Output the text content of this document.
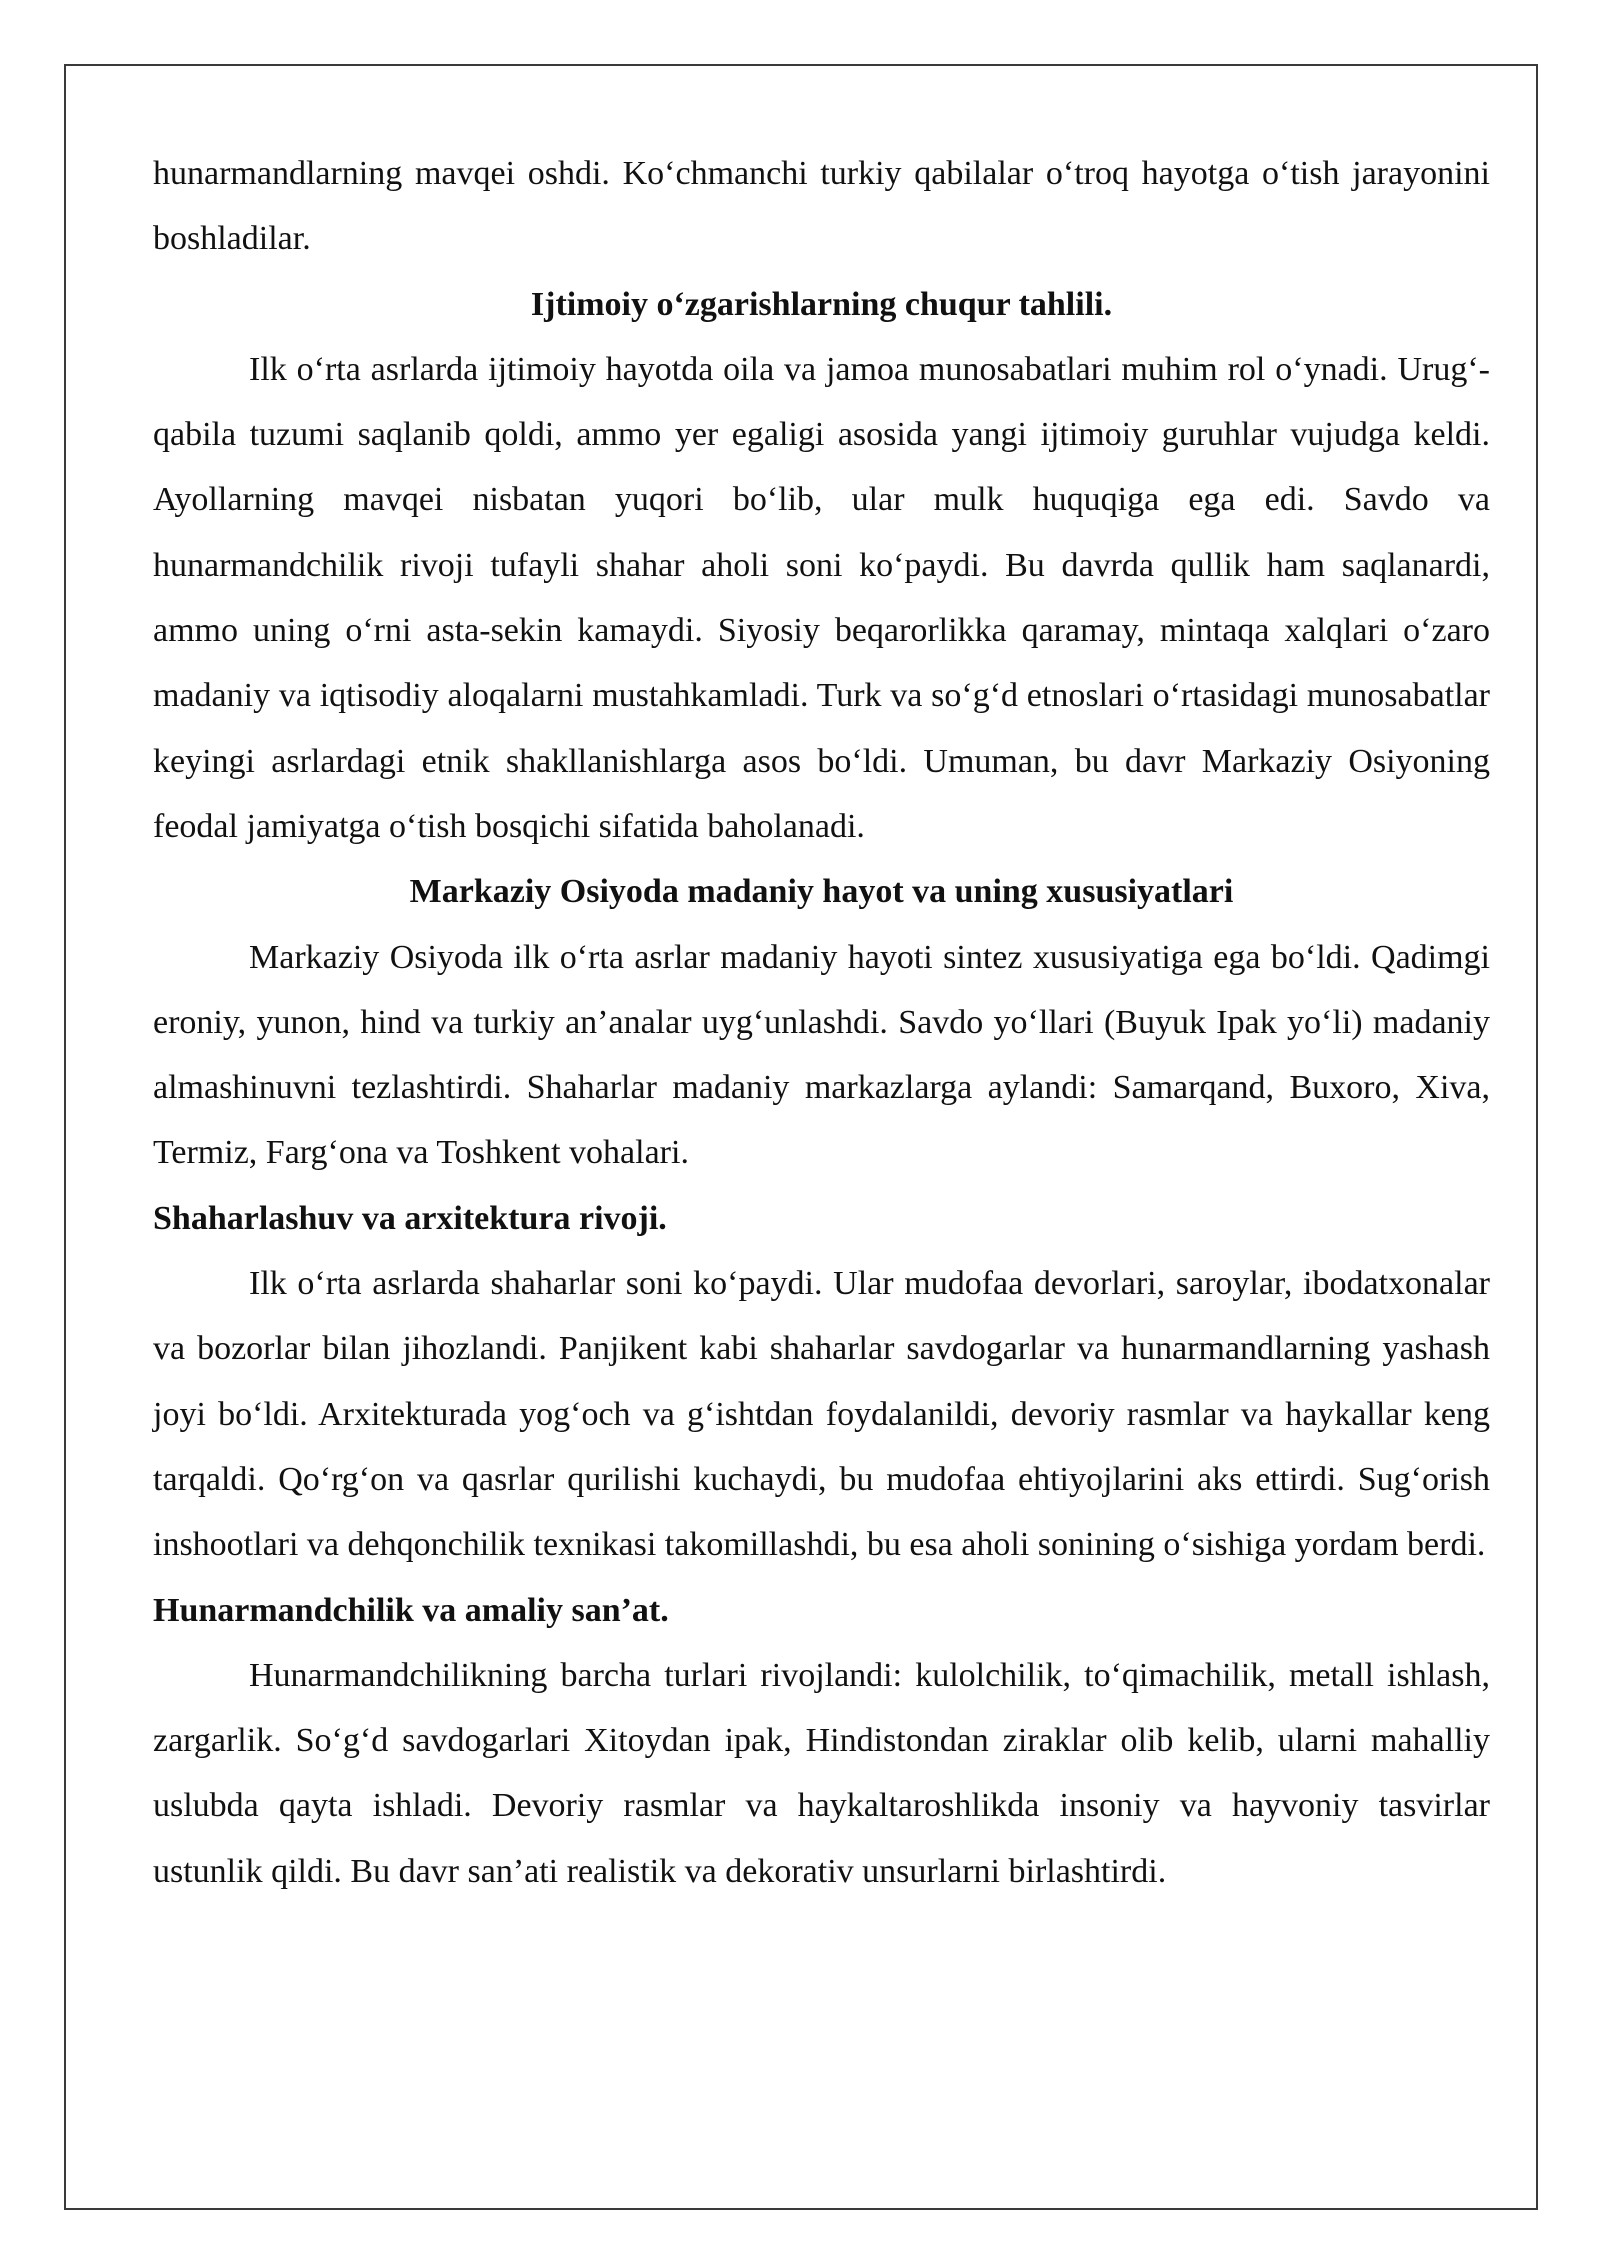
hunarmandlarning mavqei oshdi. Ko‘chmanchi turkiy qabilalar o‘troq hayotga o‘tish jarayonini boshladilar.

Ijtimoiy o‘zgarishlarning chuqur tahlili.

Ilk o‘rta asrlarda ijtimoiy hayotda oila va jamoa munosabatlari muhim rol o‘ynadi. Urug‘-qabila tuzumi saqlanib qoldi, ammo yer egaligi asosida yangi ijtimoiy guruhlar vujudga keldi. Ayollarning mavqei nisbatan yuqori bo‘lib, ular mulk huquqiga ega edi. Savdo va hunarmandchilik rivoji tufayli shahar aholi soni ko‘paydi. Bu davrda qullik ham saqlanardi, ammo uning o‘rni asta-sekin kamaydi. Siyosiy beqarorlikka qaramay, mintaqa xalqlari o‘zaro madaniy va iqtisodiy aloqalarni mustahkamladi. Turk va so‘g‘d etnoslari o‘rtasidagi munosabatlar keyingi asrlardagi etnik shakllanishlarga asos bo‘ldi. Umuman, bu davr Markaziy Osiyoning feodal jamiyatga o‘tish bosqichi sifatida baholanadi.

Markaziy Osiyoda madaniy hayot va uning xususiyatlari

Markaziy Osiyoda ilk o‘rta asrlar madaniy hayoti sintez xususiyatiga ega bo‘ldi. Qadimgi eroniy, yunon, hind va turkiy an’analar uyg‘unlashdi. Savdo yo‘llari (Buyuk Ipak yo‘li) madaniy almashinuvni tezlashtirdi. Shaharlar madaniy markazlarga aylandi: Samarqand, Buxoro, Xiva, Termiz, Farg‘ona va Toshkent vohalari.

Shaharlashuv va arxitektura rivoji.

Ilk o‘rta asrlarda shaharlar soni ko‘paydi. Ular mudofaa devorlari, saroylar, ibodatxonalar va bozorlar bilan jihozlandi. Panjikent kabi shaharlar savdogarlar va hunarmandlarning yashash joyi bo‘ldi. Arxitekturada yog‘och va g‘ishtdan foydalanildi, devoriy rasmlar va haykallar keng tarqaldi. Qo‘rg‘on va qasrlar qurilishi kuchaydi, bu mudofaa ehtiyojlarini aks ettirdi. Sug‘orish inshootlari va dehqonchilik texnikasi takomillashdi, bu esa aholi sonining o‘sishiga yordam berdi.

Hunarmandchilik va amaliy san’at.

Hunarmandchilikning barcha turlari rivojlandi: kulolchilik, to‘qimachilik, metall ishlash, zargarlik. So‘g‘d savdogarlari Xitoydan ipak, Hindistondan ziraklar olib kelib, ularni mahalliy uslubda qayta ishladi. Devoriy rasmlar va haykaltaroshlikda insoniy va hayvoniy tasvirlar ustunlik qildi. Bu davr san’ati realistik va dekorativ unsurlarni birlashtirdi.
